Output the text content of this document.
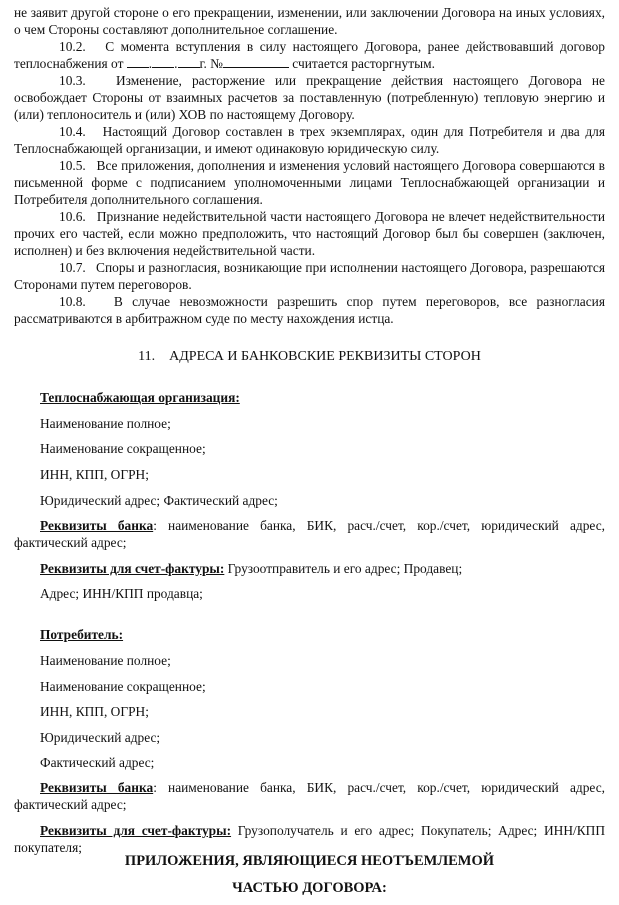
не заявит другой стороне о его прекращении, изменении, или заключении Договора на иных условиях, о чем Стороны составляют дополнительное соглашение.

10.2.   С момента вступления в силу настоящего Договора, ранее действовавший договор теплоснабжения от . . г. №	считается расторгнутым.

10.3.   Изменение, расторжение или прекращение действия настоящего Договора не освобождает Стороны от взаимных расчетов за поставленную (потребленную) тепловую энергию и (или) теплоноситель и (или) ХОВ по настоящему Договору.

10.4.   Настоящий Договор составлен в трех экземплярах, один для Потребителя и два для Теплоснабжающей организации, и имеют одинаковую юридическую силу.

10.5.   Все приложения, дополнения и изменения условий настоящего Договора совершаются в письменной форме с подписанием уполномоченными лицами Теплоснабжающей организации и Потребителя дополнительного соглашения.

10.6.   Признание недействительной части настоящего Договора не влечет недействительности прочих его частей, если можно предположить, что настоящий Договор был бы совершен (заключен, исполнен) и без включения недействительной части.

10.7.   Споры и разногласия, возникающие при исполнении настоящего Договора, разрешаются Сторонами путем переговоров.

10.8.   В случае невозможности разрешить спор путем переговоров, все разногласия рассматриваются в арбитражном суде по месту нахождения истца.

11.    АДРЕСА И БАНКОВСКИЕ РЕКВИЗИТЫ СТОРОН
Теплоснабжающая организация:
Наименование полное;
Наименование сокращенное;
ИНН, КПП, ОГРН;
Юридический адрес; Фактический адрес;
Реквизиты банка: наименование банка, БИК, расч./счет, кор./счет, юридический адрес, фактический адрес;
Реквизиты для счет-фактуры: Грузоотправитель и его адрес; Продавец;
Адрес; ИНН/КПП продавца;
Потребитель:
Наименование полное;
Наименование сокращенное;
ИНН, КПП, ОГРН;
Юридический адрес;
Фактический адрес;
Реквизиты банка: наименование банка, БИК, расч./счет, кор./счет, юридический адрес, фактический адрес;
Реквизиты для счет-фактуры: Грузополучатель и его адрес; Покупатель; Адрес; ИНН/КПП покупателя;
ПРИЛОЖЕНИЯ, ЯВЛЯЮЩИЕСЯ НЕОТЪЕМЛЕМОЙ
ЧАСТЬЮ ДОГОВОРА:
